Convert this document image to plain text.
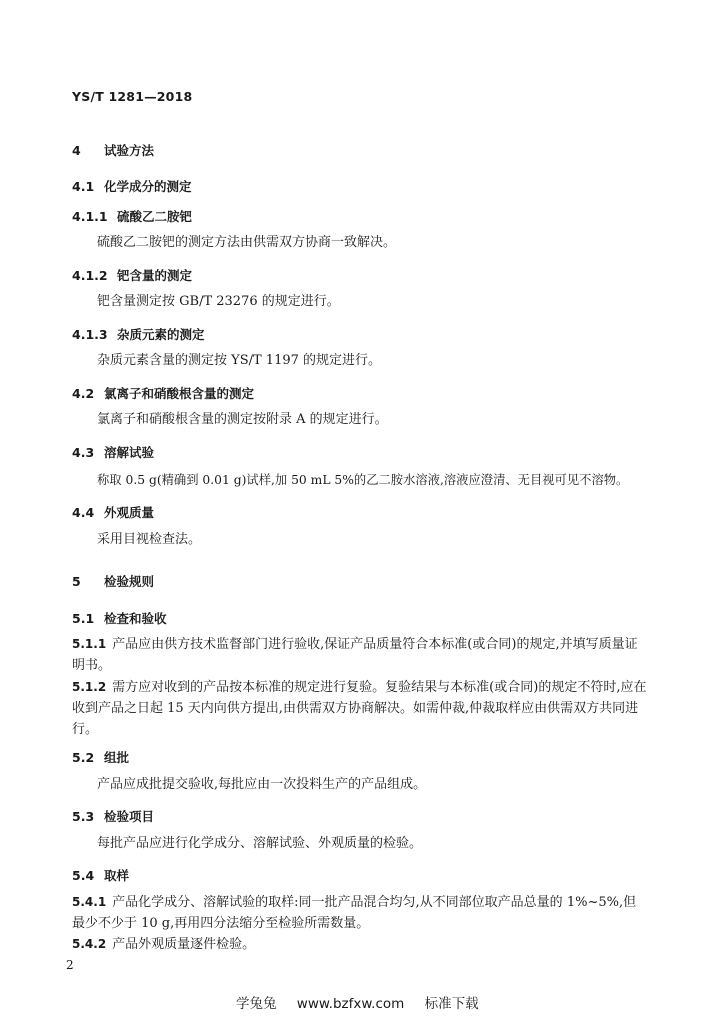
YS/T 1281—2018
4 试验方法
4.1 化学成分的测定
4.1.1 硫酸乙二胺钯
硫酸乙二胺钯的测定方法由供需双方协商一致解决。
4.1.2 钯含量的测定
钯含量测定按 GB/T 23276 的规定进行。
4.1.3 杂质元素的测定
杂质元素含量的测定按 YS/T 1197 的规定进行。
4.2 氯离子和硝酸根含量的测定
氯离子和硝酸根含量的测定按附录 A 的规定进行。
4.3 溶解试验
称取 0.5 g(精确到 0.01 g)试样,加 50 mL 5%的乙二胺水溶液,溶液应澄清、无目视可见不溶物。
4.4 外观质量
采用目视检查法。
5 检验规则
5.1 检查和验收
5.1.1 产品应由供方技术监督部门进行验收,保证产品质量符合本标准(或合同)的规定,并填写质量证明书。
5.1.2 需方应对收到的产品按本标准的规定进行复验。复验结果与本标准(或合同)的规定不符时,应在收到产品之日起 15 天内向供方提出,由供需双方协商解决。如需仲裁,仲裁取样应由供需双方共同进行。
5.2 组批
产品应成批提交验收,每批应由一次投料生产的产品组成。
5.3 检验项目
每批产品应进行化学成分、溶解试验、外观质量的检验。
5.4 取样
5.4.1 产品化学成分、溶解试验的取样:同一批产品混合均匀,从不同部位取产品总量的 1%~5%,但最少不少于 10 g,再用四分法缩分至检验所需数量。
5.4.2 产品外观质量逐件检验。
2
学兔兔 www.bzfxw.com 标准下载
